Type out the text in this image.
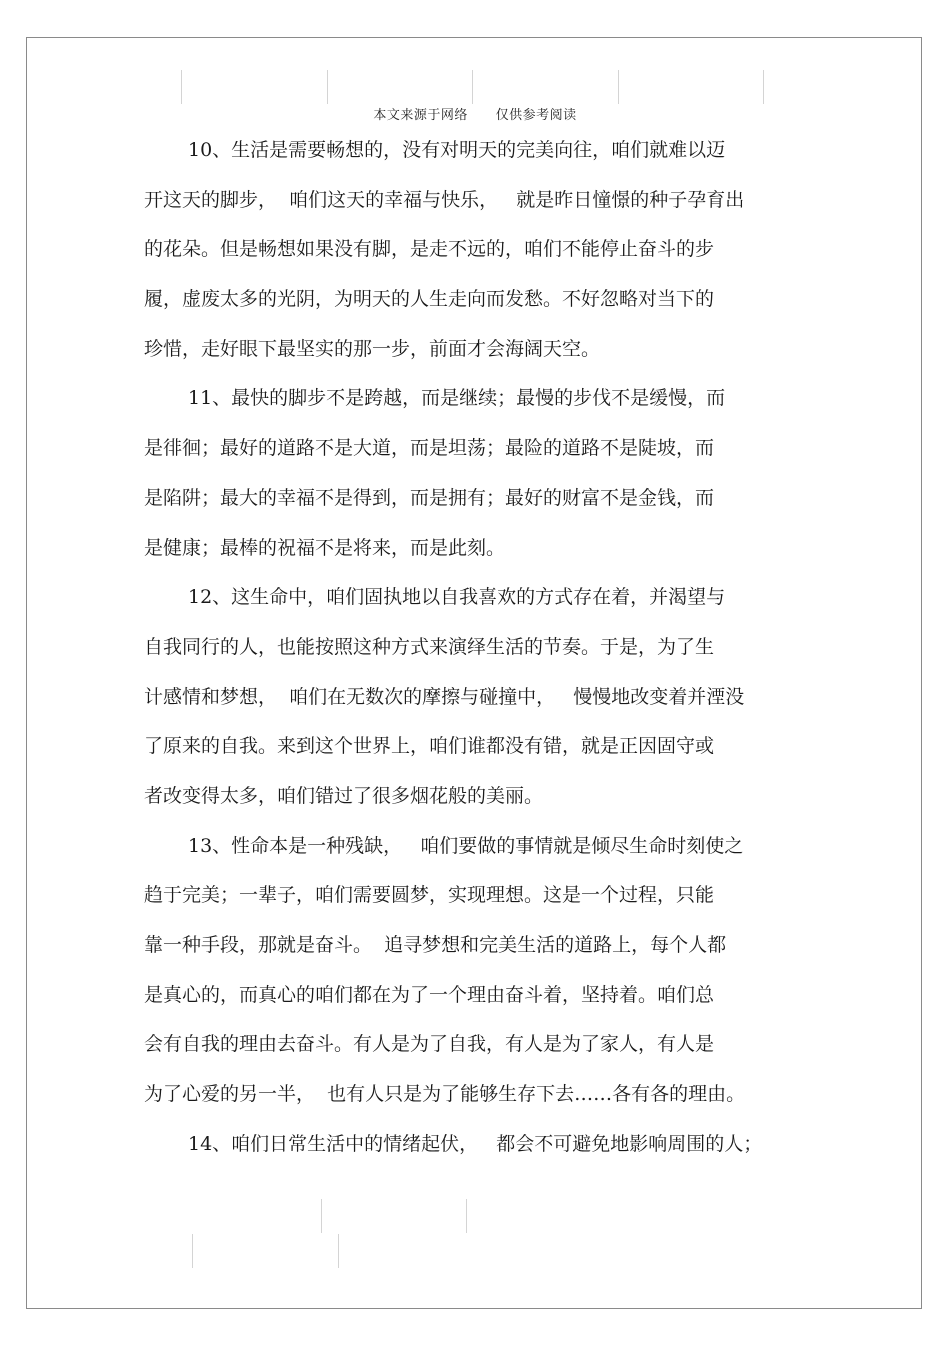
本文来源于网络      仅供参考阅读
10、生活是需要畅想的，没有对明天的完美向往，咱们就难以迈
开这天的脚步，  咱们这天的幸福与快乐，   就是昨日憧憬的种子孕育出
的花朵。但是畅想如果没有脚，是走不远的，咱们不能停止奋斗的步
履，虚废太多的光阴，为明天的人生走向而发愁。不好忽略对当下的
珍惜，走好眼下最坚实的那一步，前面才会海阔天空。
11、最快的脚步不是跨越，而是继续；最慢的步伐不是缓慢，而
是徘徊；最好的道路不是大道，而是坦荡；最险的道路不是陡坡，而
是陷阱；最大的幸福不是得到，而是拥有；最好的财富不是金钱，而
是健康；最棒的祝福不是将来，而是此刻。
12、这生命中，咱们固执地以自我喜欢的方式存在着，并渴望与
自我同行的人，也能按照这种方式来演绎生活的节奏。于是，为了生
计感情和梦想，  咱们在无数次的摩擦与碰撞中，   慢慢地改变着并湮没
了原来的自我。来到这个世界上，咱们谁都没有错，就是正因固守或
者改变得太多，咱们错过了很多烟花般的美丽。
13、性命本是一种残缺，   咱们要做的事情就是倾尽生命时刻使之
趋于完美；一辈子，咱们需要圆梦，实现理想。这是一个过程，只能
靠一种手段，那就是奋斗。  追寻梦想和完美生活的道路上，每个人都
是真心的，而真心的咱们都在为了一个理由奋斗着，坚持着。咱们总
会有自我的理由去奋斗。有人是为了自我，有人是为了家人，有人是
为了心爱的另一半，  也有人只是为了能够生存下去……各有各的理由。
14、咱们日常生活中的情绪起伏，   都会不可避免地影响周围的人；
